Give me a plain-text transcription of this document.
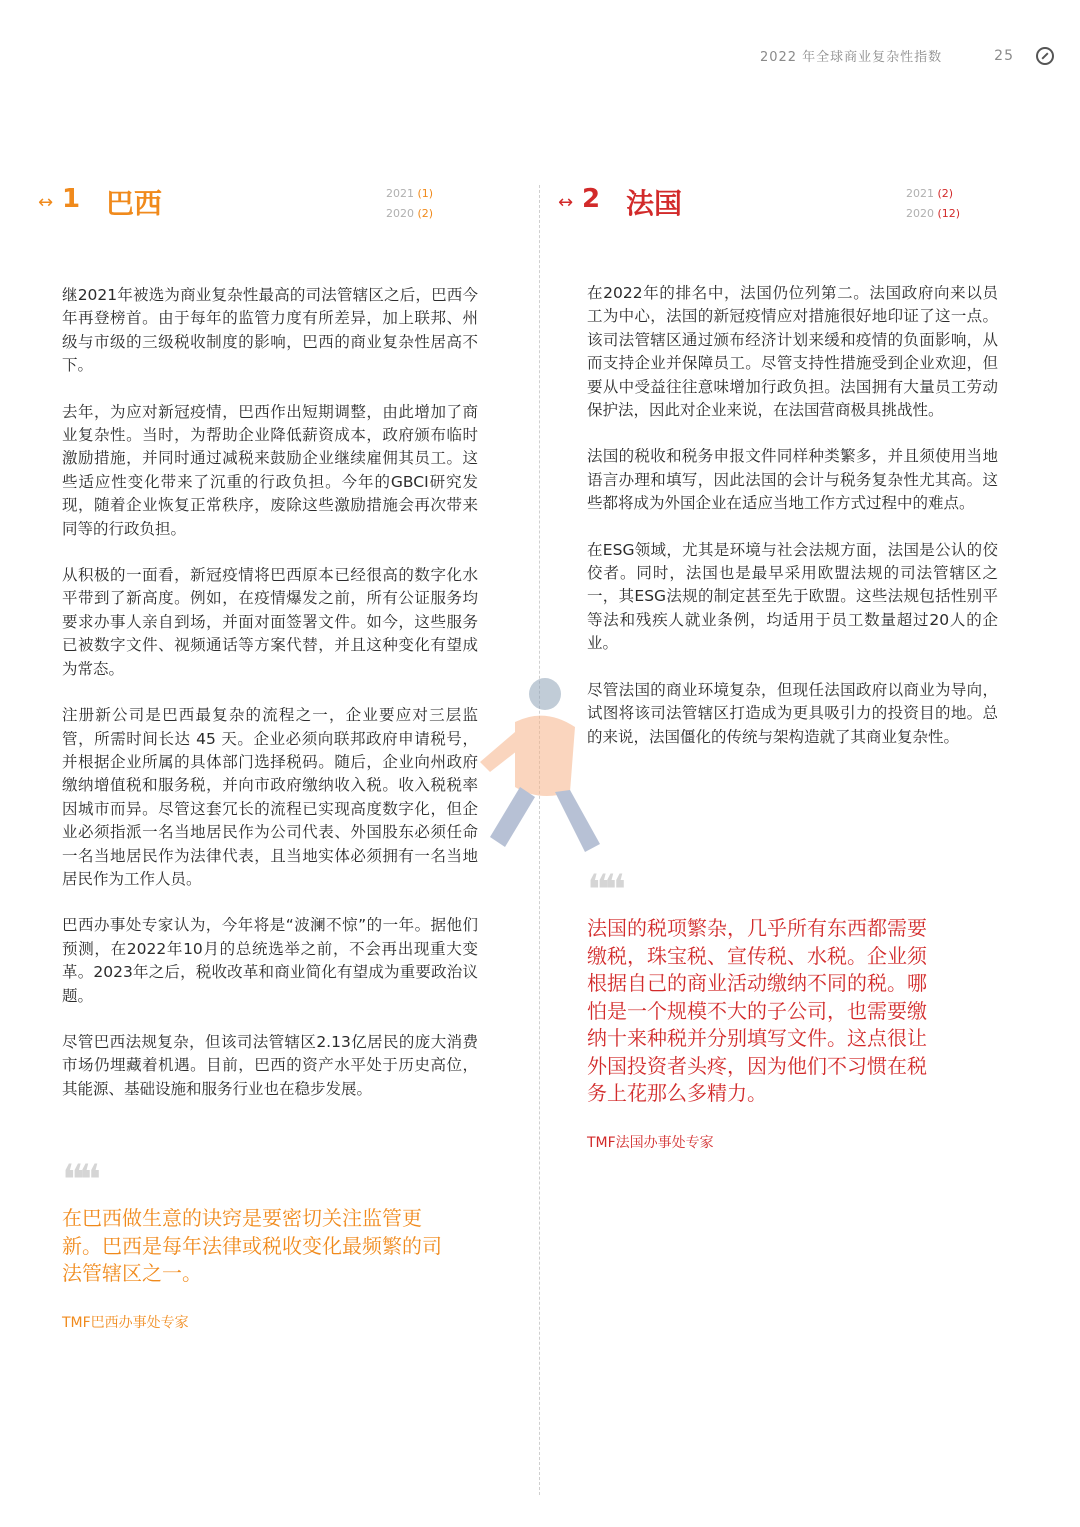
2022 年全球商业复杂性指数	25
↔ 1 巴西	2021 (1)
2020 (2)

继2021年被选为商业复杂性最高的司法管辖区之后，巴西今年再登榜首。由于每年的监管力度有所差异，加上联邦、州级与市级的三级税收制度的影响，巴西的商业复杂性居高不下。

去年，为应对新冠疫情，巴西作出短期调整，由此增加了商业复杂性。当时，为帮助企业降低薪资成本，政府颁布临时激励措施，并同时通过减税来鼓励企业继续雇佣其员工。这些适应性变化带来了沉重的行政负担。今年的GBCI研究发现，随着企业恢复正常秩序，废除这些激励措施会再次带来同等的行政负担。

从积极的一面看，新冠疫情将巴西原本已经很高的数字化水平带到了新高度。例如，在疫情爆发之前，所有公证服务均要求办事人亲自到场，并面对面签署文件。如今，这些服务已被数字文件、视频通话等方案代替，并且这种变化有望成为常态。

注册新公司是巴西最复杂的流程之一，企业要应对三层监管，所需时间长达 45 天。企业必须向联邦政府申请税号，并根据企业所属的具体部门选择税码。随后，企业向州政府缴纳增值税和服务税，并向市政府缴纳收入税。收入税税率因城市而异。尽管这套冗长的流程已实现高度数字化，但企业必须指派一名当地居民作为公司代表、外国股东必须任命一名当地居民作为法律代表，且当地实体必须拥有一名当地居民作为工作人员。

巴西办事处专家认为，今年将是“波澜不惊”的一年。据他们预测，在2022年10月的总统选举之前，不会再出现重大变革。2023年之后，税收改革和商业简化有望成为重要政治议题。

尽管巴西法规复杂，但该司法管辖区2.13亿居民的庞大消费市场仍埋藏着机遇。目前，巴西的资产水平处于历史高位，其能源、基础设施和服务行业也在稳步发展。

❝❝
在巴西做生意的诀窍是要密切关注监管更新。巴西是每年法律或税收变化最频繁的司法管辖区之一。
TMF巴西办事处专家
↔ 2 法国	2021 (2)
2020 (12)

在2022年的排名中，法国仍位列第二。法国政府向来以员工为中心，法国的新冠疫情应对措施很好地印证了这一点。该司法管辖区通过颁布经济计划来缓和疫情的负面影响，从而支持企业并保障员工。尽管支持性措施受到企业欢迎，但要从中受益往往意味增加行政负担。法国拥有大量员工劳动保护法，因此对企业来说，在法国营商极具挑战性。

法国的税收和税务申报文件同样种类繁多，并且须使用当地语言办理和填写，因此法国的会计与税务复杂性尤其高。这些都将成为外国企业在适应当地工作方式过程中的难点。

在ESG领域，尤其是环境与社会法规方面，法国是公认的佼佼者。同时，法国也是最早采用欧盟法规的司法管辖区之一，其ESG法规的制定甚至先于欧盟。这些法规包括性别平等法和残疾人就业条例，均适用于员工数量超过20人的企业。

尽管法国的商业环境复杂，但现任法国政府以商业为导向，试图将该司法管辖区打造成为更具吸引力的投资目的地。总的来说，法国僵化的传统与架构造就了其商业复杂性。

❝❝
法国的税项繁杂，几乎所有东西都需要缴税，珠宝税、宣传税、水税。企业须根据自己的商业活动缴纳不同的税。哪怕是一个规模不大的子公司，也需要缴纳十来种税并分别填写文件。这点很让外国投资者头疼，因为他们不习惯在税务上花那么多精力。
TMF法国办事处专家
